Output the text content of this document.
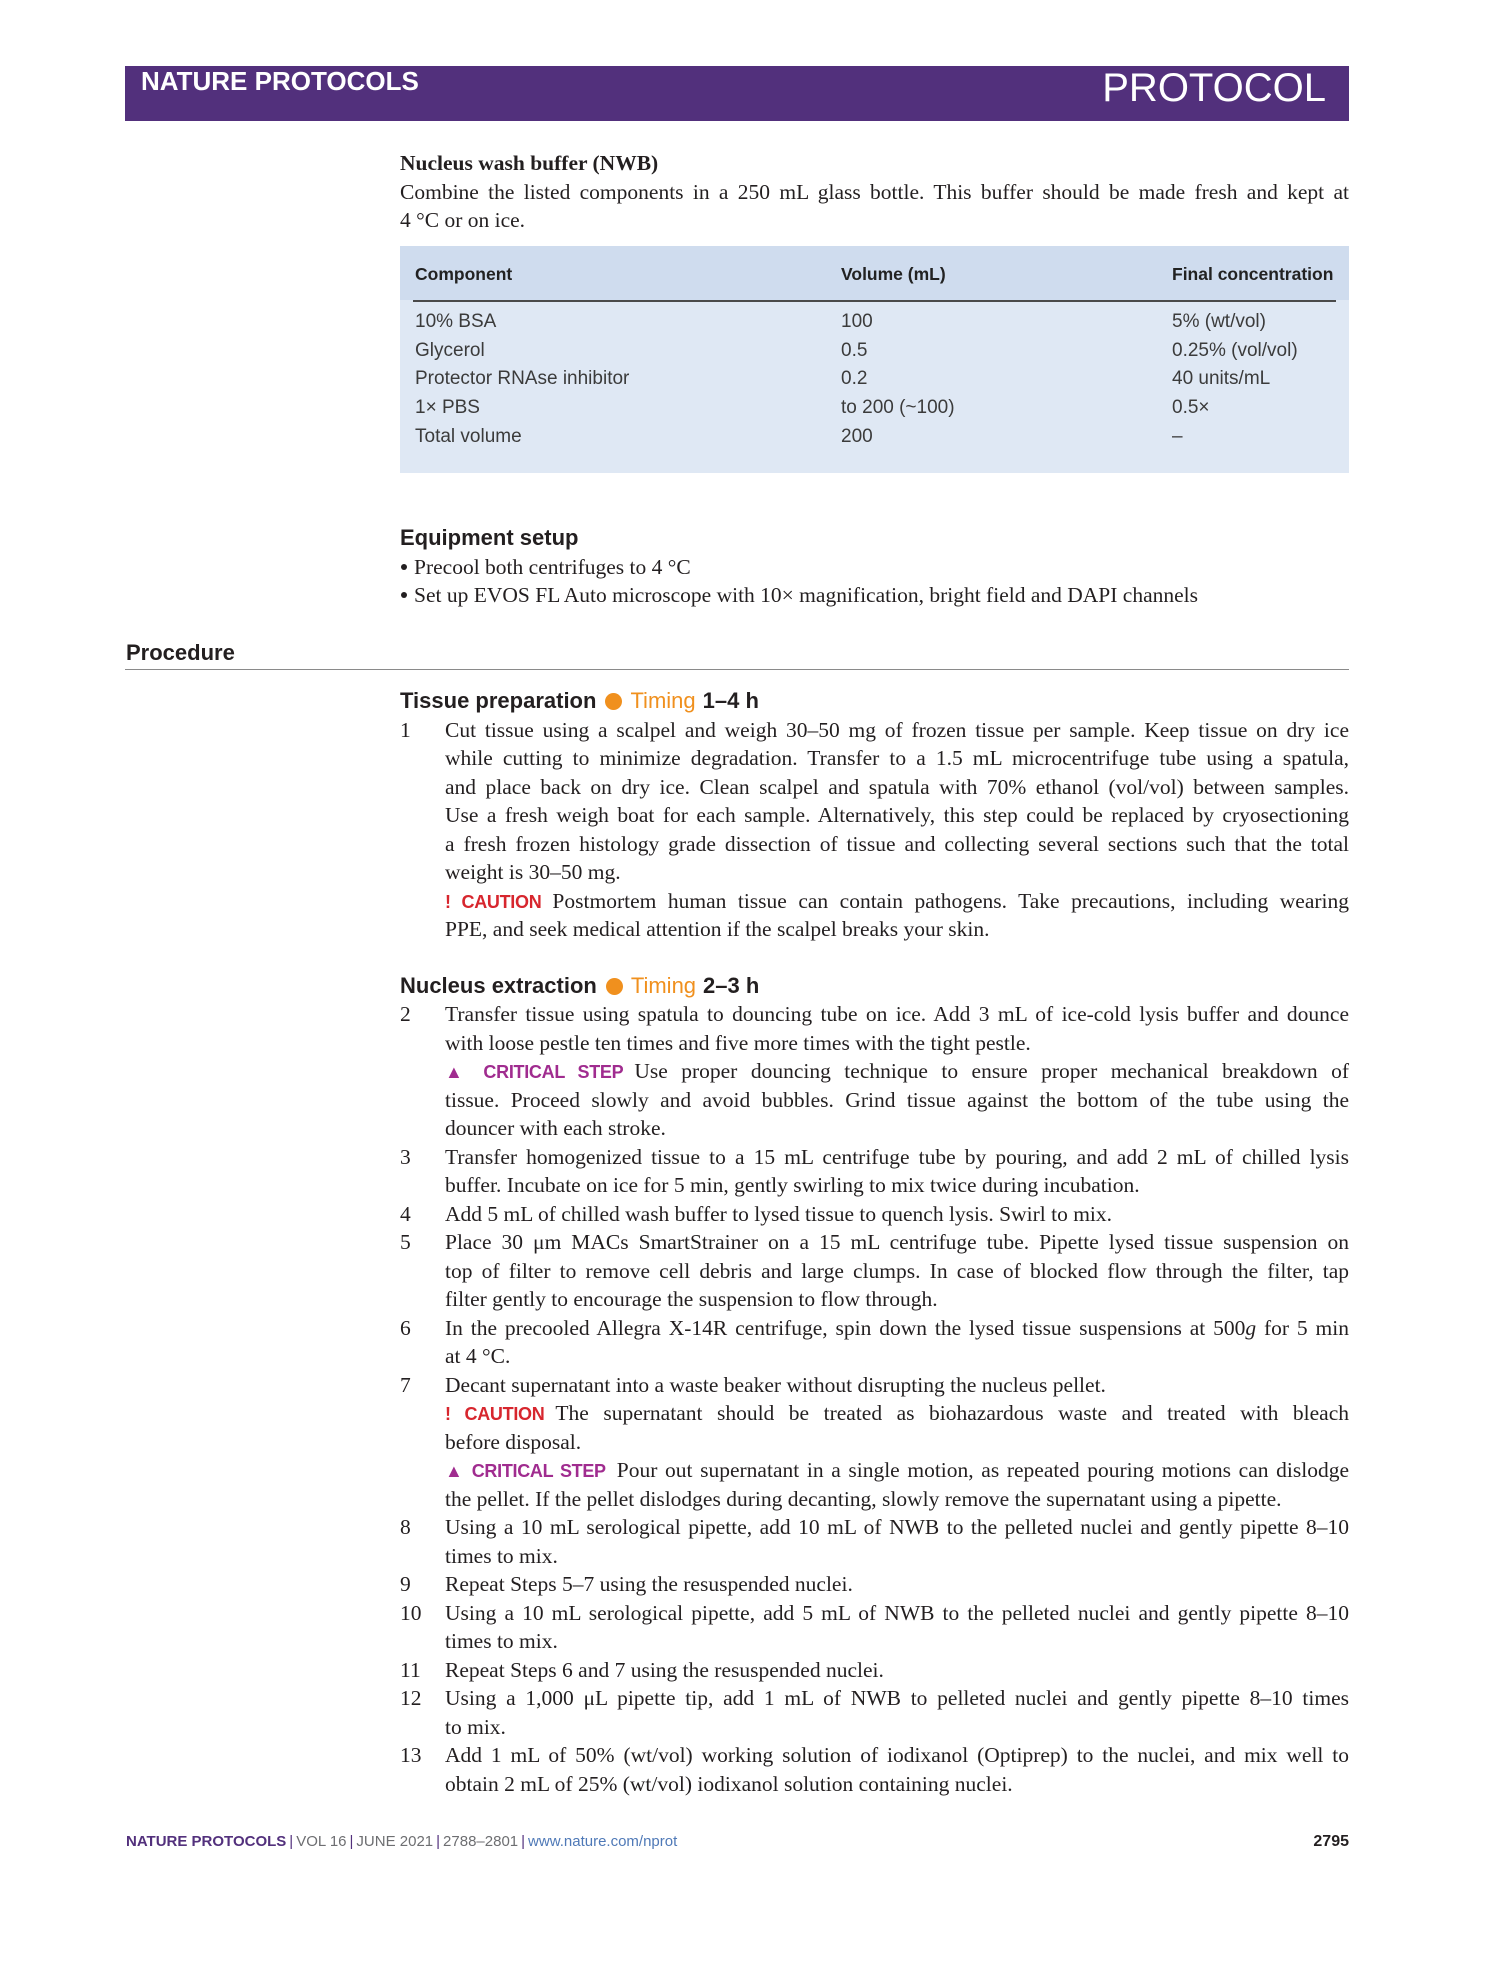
NATURE PROTOCOLS	PROTOCOL
Nucleus wash buffer (NWB)
Combine the listed components in a 250 mL glass bottle. This buffer should be made fresh and kept at
4 °C or on ice.
Component	Volume (mL)	Final concentration
10% BSA	100	5% (wt/vol)
Glycerol	0.5	0.25% (vol/vol)
Protector RNAse inhibitor	0.2	40 units/mL
1× PBS	to 200 (~100)	0.5×
Total volume	200	–
Equipment setup
Precool both centrifuges to 4 °C
Set up EVOS FL Auto microscope with 10× magnification, bright field and DAPI channels
Procedure
Tissue preparation Timing 1–4 h
1	Cut tissue using a scalpel and weigh 30–50 mg of frozen tissue per sample. Keep tissue on dry ice
while cutting to minimize degradation. Transfer to a 1.5 mL microcentrifuge tube using a spatula,
and place back on dry ice. Clean scalpel and spatula with 70% ethanol (vol/vol) between samples.
Use a fresh weigh boat for each sample. Alternatively, this step could be replaced by cryosectioning
a fresh frozen histology grade dissection of tissue and collecting several sections such that the total
weight is 30–50 mg.
! CAUTION Postmortem human tissue can contain pathogens. Take precautions, including wearing
PPE, and seek medical attention if the scalpel breaks your skin.
Nucleus extraction Timing 2–3 h
2	Transfer tissue using spatula to douncing tube on ice. Add 3 mL of ice-cold lysis buffer and dounce
with loose pestle ten times and five more times with the tight pestle.
▲ CRITICAL STEP Use proper douncing technique to ensure proper mechanical breakdown of
tissue. Proceed slowly and avoid bubbles. Grind tissue against the bottom of the tube using the
douncer with each stroke.
3	Transfer homogenized tissue to a 15 mL centrifuge tube by pouring, and add 2 mL of chilled lysis
buffer. Incubate on ice for 5 min, gently swirling to mix twice during incubation.
4	Add 5 mL of chilled wash buffer to lysed tissue to quench lysis. Swirl to mix.
5	Place 30 μm MACs SmartStrainer on a 15 mL centrifuge tube. Pipette lysed tissue suspension on
top of filter to remove cell debris and large clumps. In case of blocked flow through the filter, tap
filter gently to encourage the suspension to flow through.
6	In the precooled Allegra X-14R centrifuge, spin down the lysed tissue suspensions at 500g for 5 min
at 4 °C.
7	Decant supernatant into a waste beaker without disrupting the nucleus pellet.
! CAUTION The supernatant should be treated as biohazardous waste and treated with bleach
before disposal.
▲ CRITICAL STEP Pour out supernatant in a single motion, as repeated pouring motions can dislodge
the pellet. If the pellet dislodges during decanting, slowly remove the supernatant using a pipette.
8	Using a 10 mL serological pipette, add 10 mL of NWB to the pelleted nuclei and gently pipette 8–10
times to mix.
9	Repeat Steps 5–7 using the resuspended nuclei.
10	Using a 10 mL serological pipette, add 5 mL of NWB to the pelleted nuclei and gently pipette 8–10
times to mix.
11	Repeat Steps 6 and 7 using the resuspended nuclei.
12	Using a 1,000 μL pipette tip, add 1 mL of NWB to pelleted nuclei and gently pipette 8–10 times
to mix.
13	Add 1 mL of 50% (wt/vol) working solution of iodixanol (Optiprep) to the nuclei, and mix well to
obtain 2 mL of 25% (wt/vol) iodixanol solution containing nuclei.
NATURE PROTOCOLS | VOL 16 | JUNE 2021 | 2788–2801 | www.nature.com/nprot	2795
